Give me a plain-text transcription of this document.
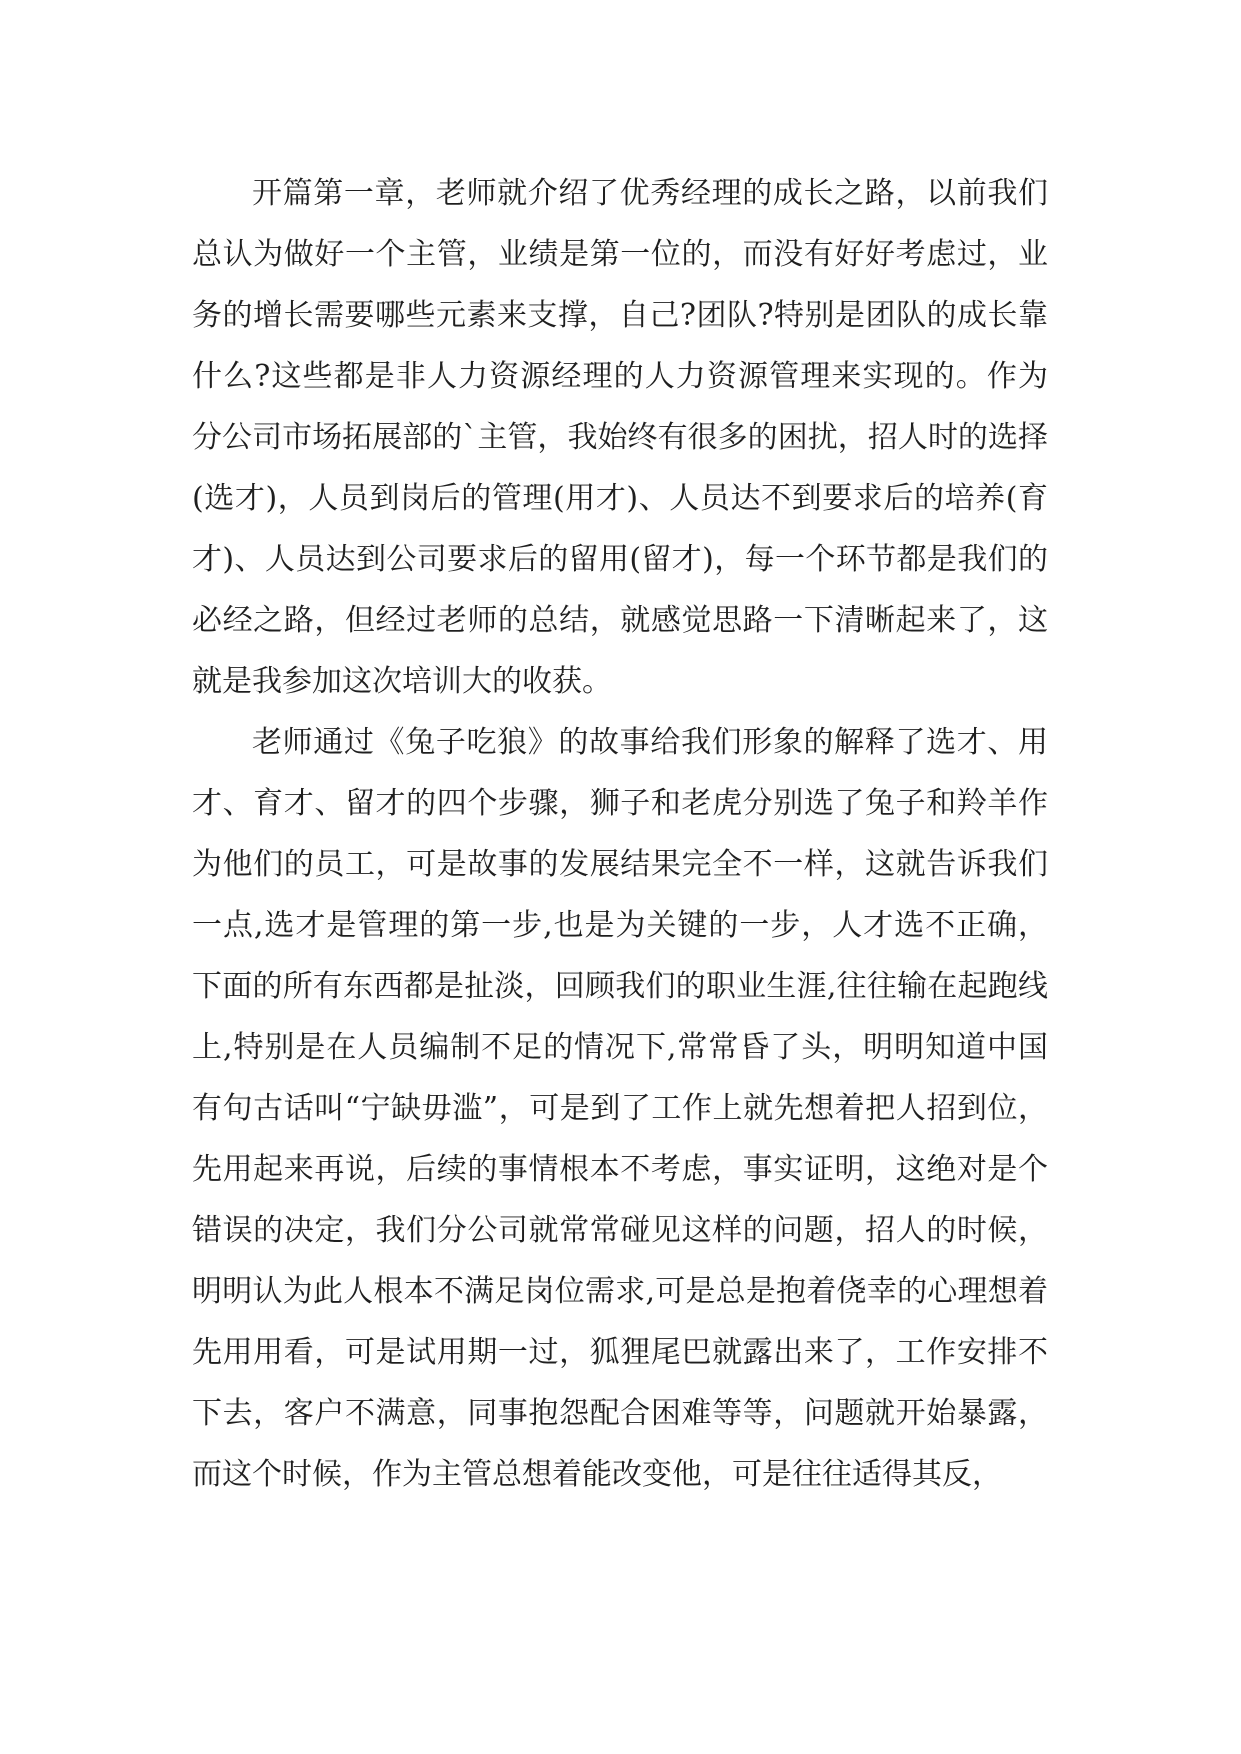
开篇第一章，老师就介绍了优秀经理的成长之路，以前我们总认为做好一个主管，业绩是第一位的，而没有好好考虑过，业务的增长需要哪些元素来支撑，自己?团队?特别是团队的成长靠什么?这些都是非人力资源经理的人力资源管理来实现的。作为分公司市场拓展部的`主管，我始终有很多的困扰，招人时的选择(选才)，人员到岗后的管理(用才)、人员达不到要求后的培养(育才)、人员达到公司要求后的留用(留才)，每一个环节都是我们的必经之路，但经过老师的总结，就感觉思路一下清晰起来了，这就是我参加这次培训大的收获。

老师通过《兔子吃狼》的故事给我们形象的解释了选才、用才、育才、留才的四个步骤，狮子和老虎分别选了兔子和羚羊作为他们的员工，可是故事的发展结果完全不一样，这就告诉我们一点,选才是管理的第一步,也是为关键的一步，人才选不正确，下面的所有东西都是扯淡，回顾我们的职业生涯,往往输在起跑线上,特别是在人员编制不足的情况下,常常昏了头，明明知道中国有句古话叫“宁缺毋滥”，可是到了工作上就先想着把人招到位，先用起来再说，后续的事情根本不考虑，事实证明，这绝对是个错误的决定，我们分公司就常常碰见这样的问题，招人的时候，明明认为此人根本不满足岗位需求,可是总是抱着侥幸的心理想着先用用看，可是试用期一过，狐狸尾巴就露出来了，工作安排不下去，客户不满意，同事抱怨配合困难等等，问题就开始暴露，而这个时候，作为主管总想着能改变他，可是往往适得其反，
